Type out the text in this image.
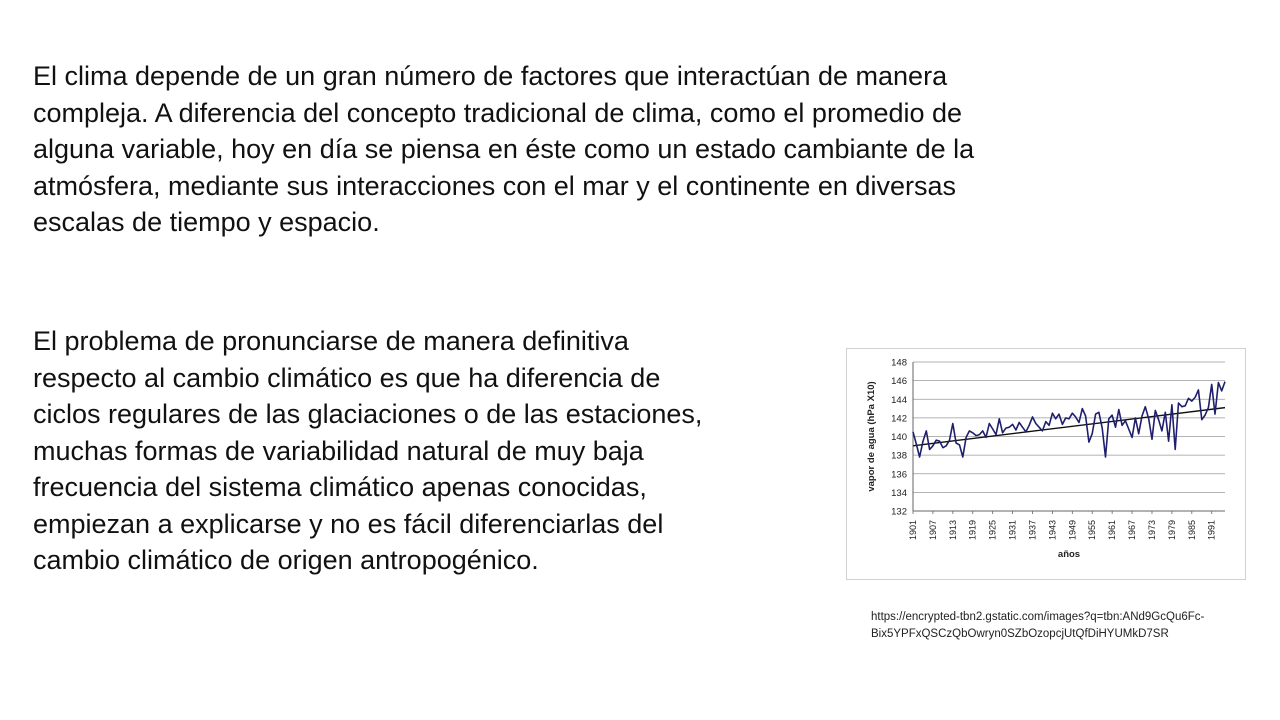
El clima depende de un gran número de factores que interactúan de manera
compleja. A diferencia del concepto tradicional de clima, como el promedio de
alguna variable, hoy en día se piensa en éste como un estado cambiante de la
atmósfera, mediante sus interacciones con el mar y el continente en diversas
escalas de tiempo y espacio.

El problema de pronunciarse de manera definitiva
respecto al cambio climático es que ha diferencia de
ciclos regulares de las glaciaciones o de las estaciones,
muchas formas de variabilidad natural de muy baja
frecuencia del sistema climático apenas conocidas,
empiezan a explicarse y no es fácil diferenciarlas del
cambio climático de origen antropogénico.

132
134
136
138
140
142
144
146
148
1901 1907 1913 1919 1925 1931 1937 1943 1949 1955 1961 1967 1973 1979 1985 1991
vapor de agua (hPa X10)
años
https://encrypted-tbn2.gstatic.com/images?q=tbn:ANd9GcQu6Fc-
Bix5YPFxQSCzQbOwryn0SZbOzopcjUtQfDiHYUMkD7SR
